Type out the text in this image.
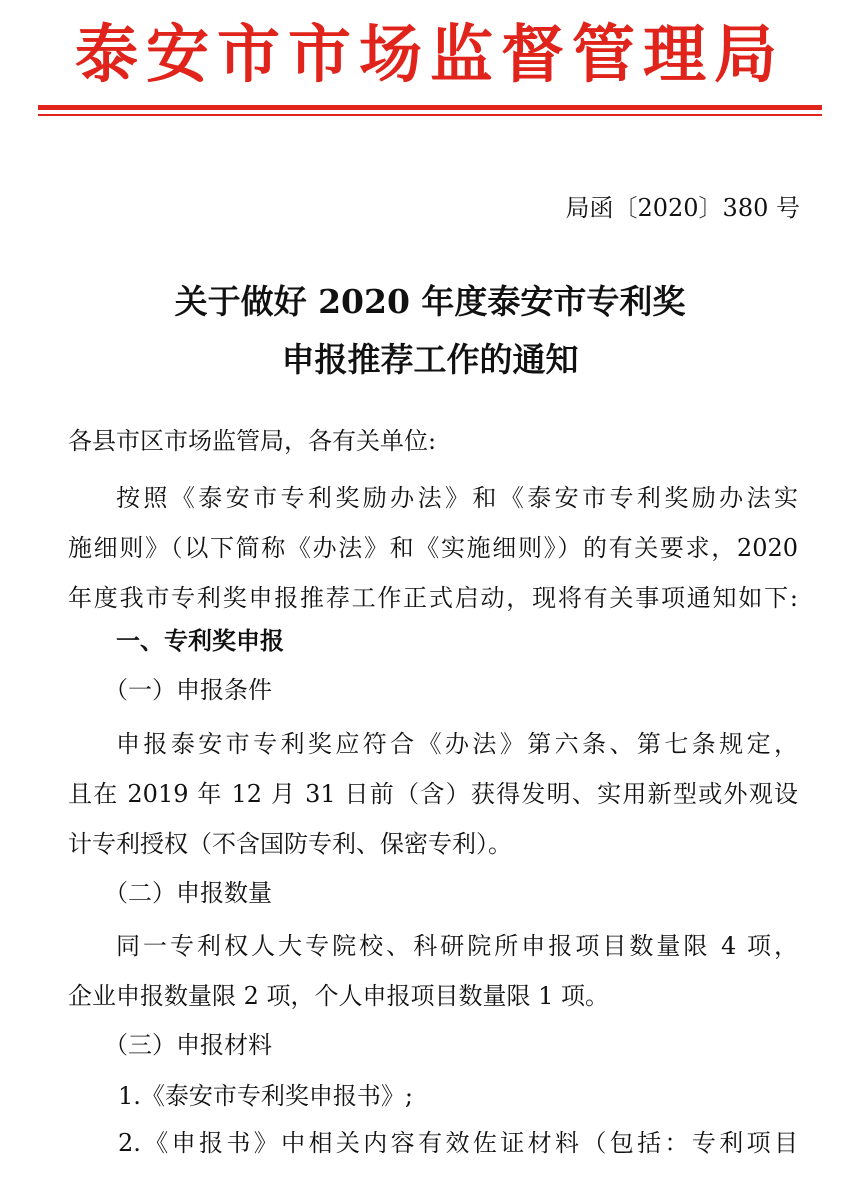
泰安市市场监督管理局
局函〔2020〕380 号
关于做好 2020 年度泰安市专利奖
申报推荐工作的通知
各县市区市场监管局，各有关单位:
按照《泰安市专利奖励办法》和《泰安市专利奖励办法实
施细则》（以下简称《办法》和《实施细则》）的有关要求，2020
年度我市专利奖申报推荐工作正式启动，现将有关事项通知如下:
一、专利奖申报
（一）申报条件
申报泰安市专利奖应符合《办法》第六条、第七条规定，
且在 2019 年 12 月 31 日前（含）获得发明、实用新型或外观设
计专利授权（不含国防专利、保密专利）。
（二）申报数量
同一专利权人大专院校、科研院所申报项目数量限 4 项，
企业申报数量限 2 项，个人申报项目数量限 1 项。
（三）申报材料
1.《泰安市专利奖申报书》;
2.《申报书》中相关内容有效佐证材料（包括：专利项目
